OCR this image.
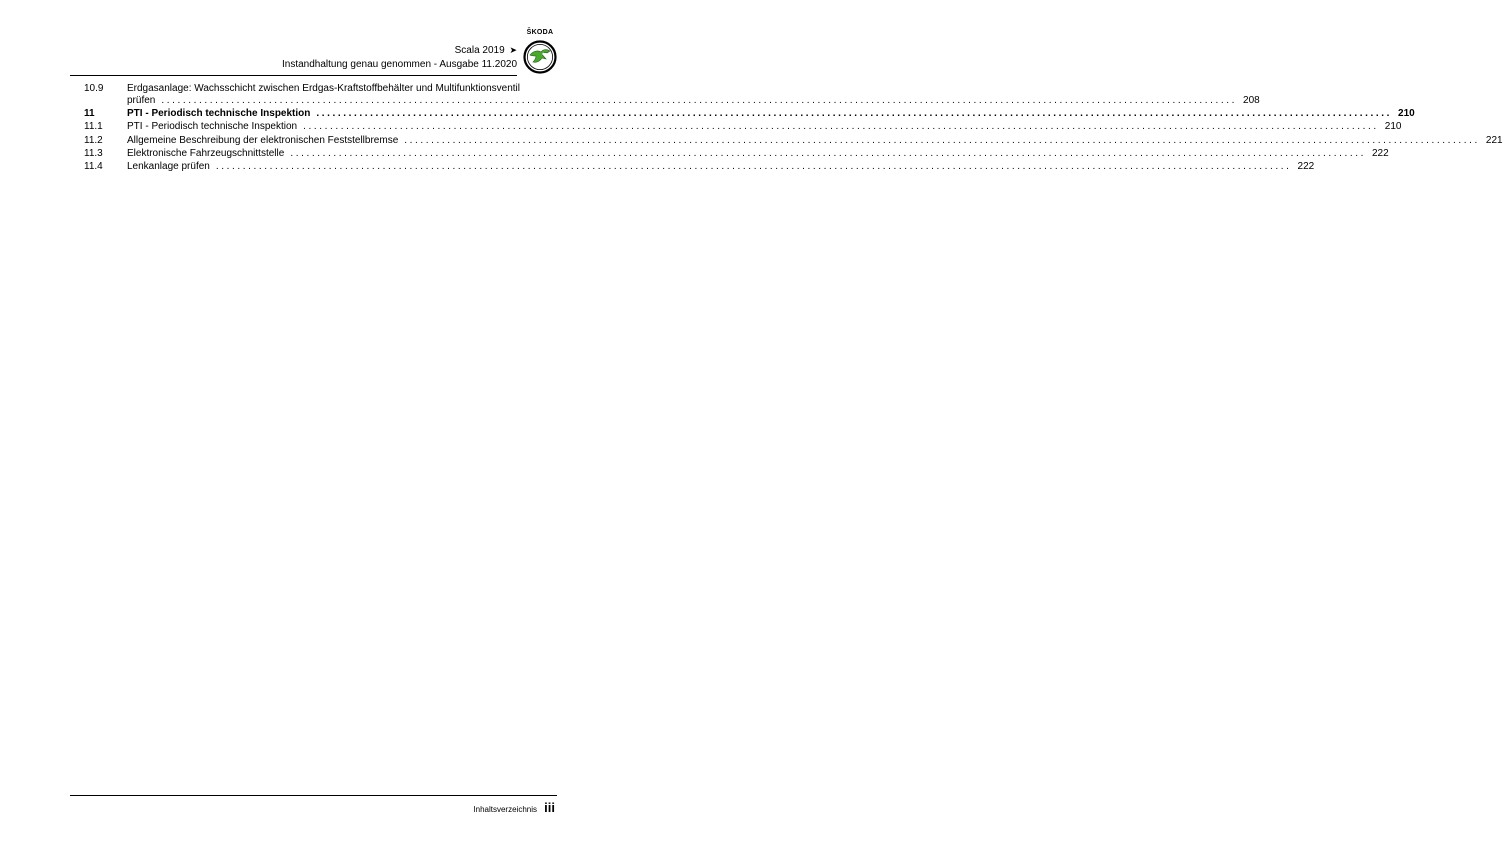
ŠKODA
Scala 2019 ➤
Instandhaltung genau genommen - Ausgabe 11.2020
10.9 Erdgasanlage: Wachsschicht zwischen Erdgas-Kraftstoffbehälter und Multifunktionsventil
prüfen ........................................................................................................................................................................................................ 208
11	PTI - Periodisch technische Inspektion ........................................................................................................................................................................................................ 210
11.1 PTI - Periodisch technische Inspektion ........................................................................................................................................................................................................ 210
11.2 Allgemeine Beschreibung der elektronischen Feststellbremse ........................................................................................................................................................................................................ 221
11.3 Elektronische Fahrzeugschnittstelle ........................................................................................................................................................................................................ 222
11.4 Lenkanlage prüfen ........................................................................................................................................................................................................ 222
Inhaltsverzeichnis iii
